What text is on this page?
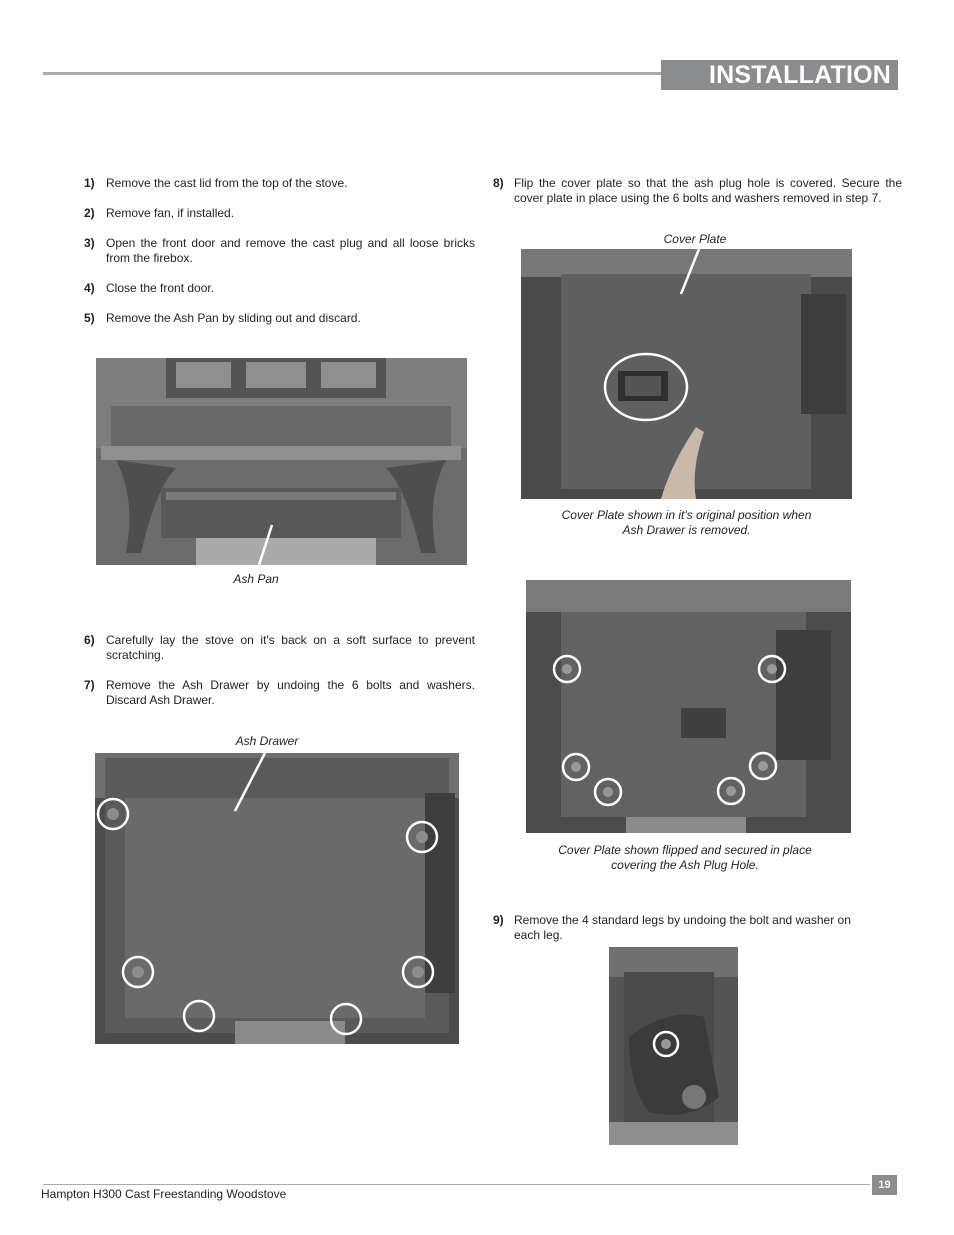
INSTALLATION
1) Remove the cast lid from the top of the stove.
2) Remove fan, if installed.
3) Open the front door and remove the cast plug and all loose bricks from the firebox.
4) Close the front door.
5) Remove the Ash Pan by sliding out and discard.
Ash Pan
6) Carefully lay the stove on it's back on a soft surface to prevent scratching.
7) Remove the Ash Drawer by undoing the 6 bolts and washers. Discard Ash Drawer.
Ash Drawer
8) Flip the cover plate so that the ash plug hole is covered. Secure the cover plate in place using the 6 bolts and washers removed in step 7.
Cover Plate
Cover Plate shown in it's original position when
Ash Drawer is removed.
Cover Plate shown flipped and secured in place
covering the Ash Plug Hole.
9) Remove the 4 standard legs by undoing the bolt and washer on each leg.
Hampton H300 Cast Freestanding Woodstove
19
